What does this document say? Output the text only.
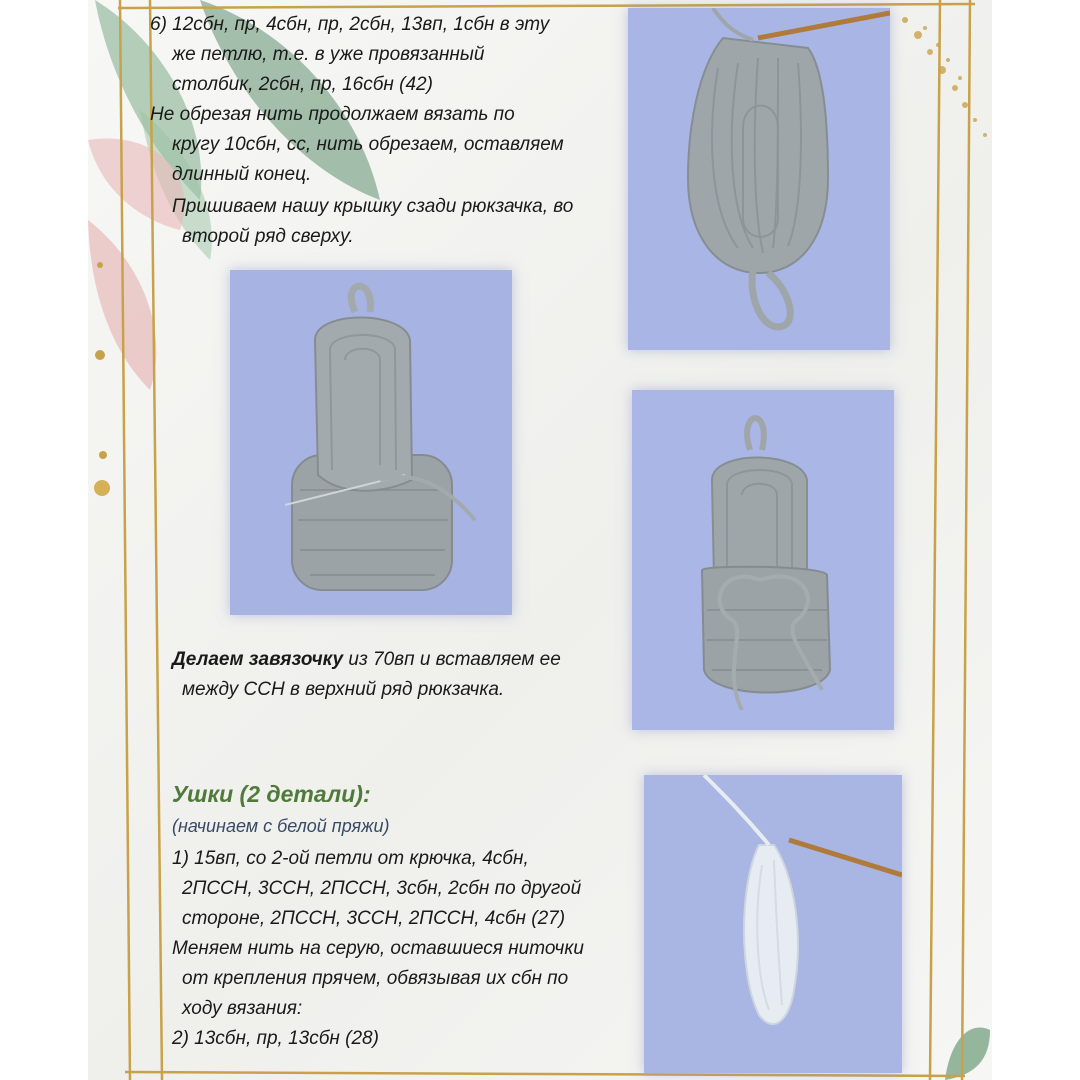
6) 12сбн, пр, 4сбн, пр, 2сбн, 13вп, 1сбн в эту

же петлю, т.е. в уже провязанный

столбик, 2сбн, пр, 16сбн (42)

Не обрезая нить продолжаем вязать по

кругу 10сбн, сс, нить обрезаем, оставляем

длинный конец.

Пришиваем нашу крышку сзади рюкзачка, во

второй ряд сверху.

Делаем завязочку из 70вп и вставляем ее

между ССН в верхний ряд рюкзачка.

Ушки (2 детали):

(начинаем с белой пряжи)

1) 15вп, со 2-ой петли от крючка, 4сбн,

2ПССН, 3ССН, 2ПССН, 3сбн, 2сбн по другой

стороне, 2ПССН, 3ССН, 2ПССН, 4сбн (27)

Меняем нить на серую, оставшиеся ниточки

от крепления прячем, обвязывая их сбн по

ходу вязания:

2) 13сбн, пр, 13сбн (28)
